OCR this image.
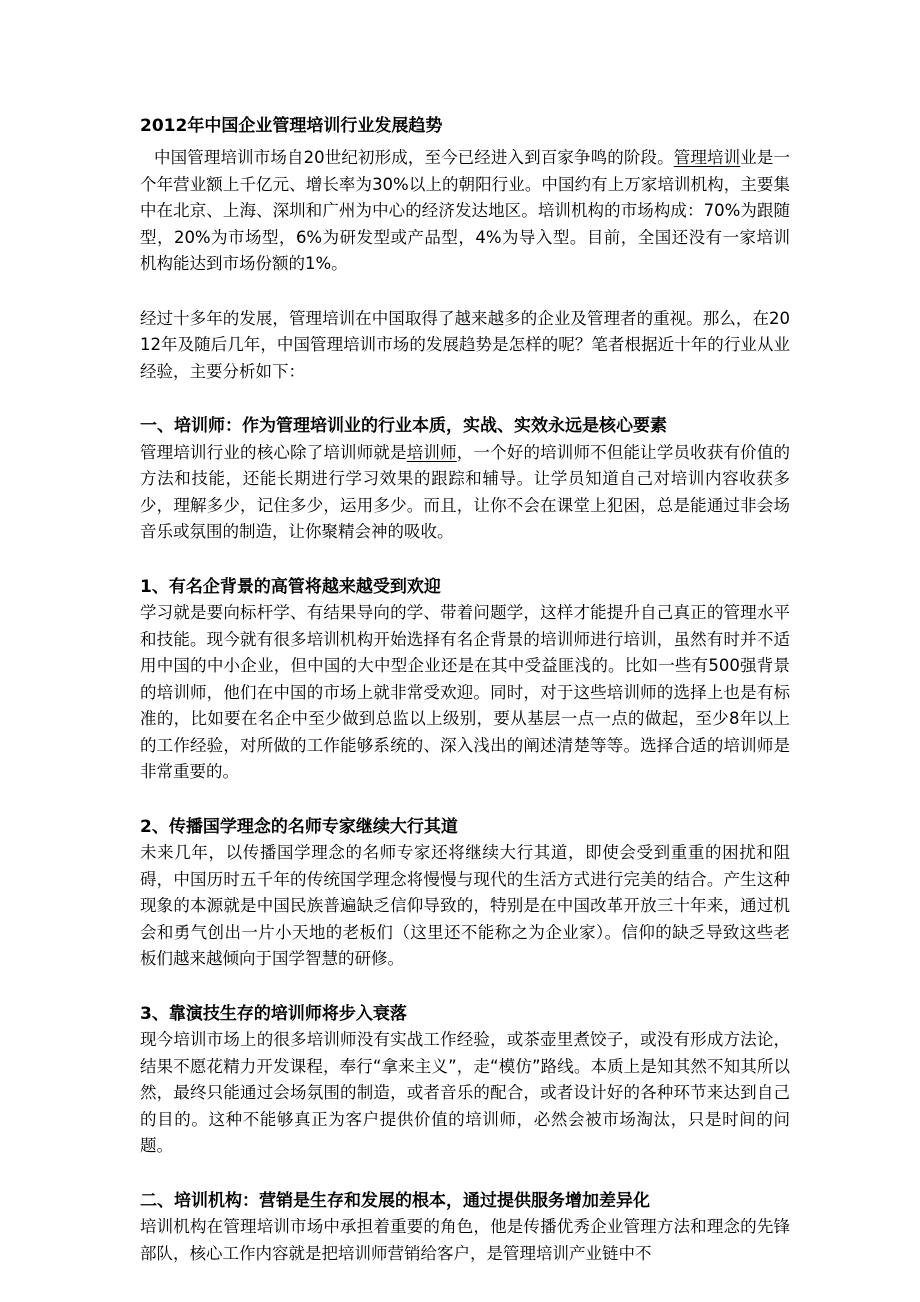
2012年中国企业管理培训行业发展趋势

中国管理培训市场自20世纪初形成，至今已经进入到百家争鸣的阶段。管理培训业是一个年营业额上千亿元、增长率为30%以上的朝阳行业。中国约有上万家培训机构，主要集中在北京、上海、深圳和广州为中心的经济发达地区。培训机构的市场构成：70%为跟随型，20%为市场型，6%为研发型或产品型，4%为导入型。目前，全国还没有一家培训机构能达到市场份额的1%。

经过十多年的发展，管理培训在中国取得了越来越多的企业及管理者的重视。那么，在2012年及随后几年，中国管理培训市场的发展趋势是怎样的呢？笔者根据近十年的行业从业经验，主要分析如下：

一、培训师：作为管理培训业的行业本质，实战、实效永远是核心要素

管理培训行业的核心除了培训师就是培训师，一个好的培训师不但能让学员收获有价值的方法和技能，还能长期进行学习效果的跟踪和辅导。让学员知道自己对培训内容收获多少，理解多少，记住多少，运用多少。而且，让你不会在课堂上犯困，总是能通过非会场音乐或氛围的制造，让你聚精会神的吸收。

1、有名企背景的高管将越来越受到欢迎

学习就是要向标杆学、有结果导向的学、带着问题学，这样才能提升自己真正的管理水平和技能。现今就有很多培训机构开始选择有名企背景的培训师进行培训，虽然有时并不适用中国的中小企业，但中国的大中型企业还是在其中受益匪浅的。比如一些有500强背景的培训师，他们在中国的市场上就非常受欢迎。同时，对于这些培训师的选择上也是有标准的，比如要在名企中至少做到总监以上级别，要从基层一点一点的做起，至少8年以上的工作经验，对所做的工作能够系统的、深入浅出的阐述清楚等等。选择合适的培训师是非常重要的。

2、传播国学理念的名师专家继续大行其道

未来几年，以传播国学理念的名师专家还将继续大行其道，即使会受到重重的困扰和阻碍，中国历时五千年的传统国学理念将慢慢与现代的生活方式进行完美的结合。产生这种现象的本源就是中国民族普遍缺乏信仰导致的，特别是在中国改革开放三十年来，通过机会和勇气创出一片小天地的老板们（这里还不能称之为企业家）。信仰的缺乏导致这些老板们越来越倾向于国学智慧的研修。

3、靠演技生存的培训师将步入衰落

现今培训市场上的很多培训师没有实战工作经验，或茶壶里煮饺子，或没有形成方法论，结果不愿花精力开发课程，奉行“拿来主义”，走“模仿”路线。本质上是知其然不知其所以然，最终只能通过会场氛围的制造，或者音乐的配合，或者设计好的各种环节来达到自己的目的。这种不能够真正为客户提供价值的培训师，必然会被市场淘汰，只是时间的问题。

二、培训机构：营销是生存和发展的根本，通过提供服务增加差异化

培训机构在管理培训市场中承担着重要的角色，他是传播优秀企业管理方法和理念的先锋部队，核心工作内容就是把培训师营销给客户，是管理培训产业链中不
